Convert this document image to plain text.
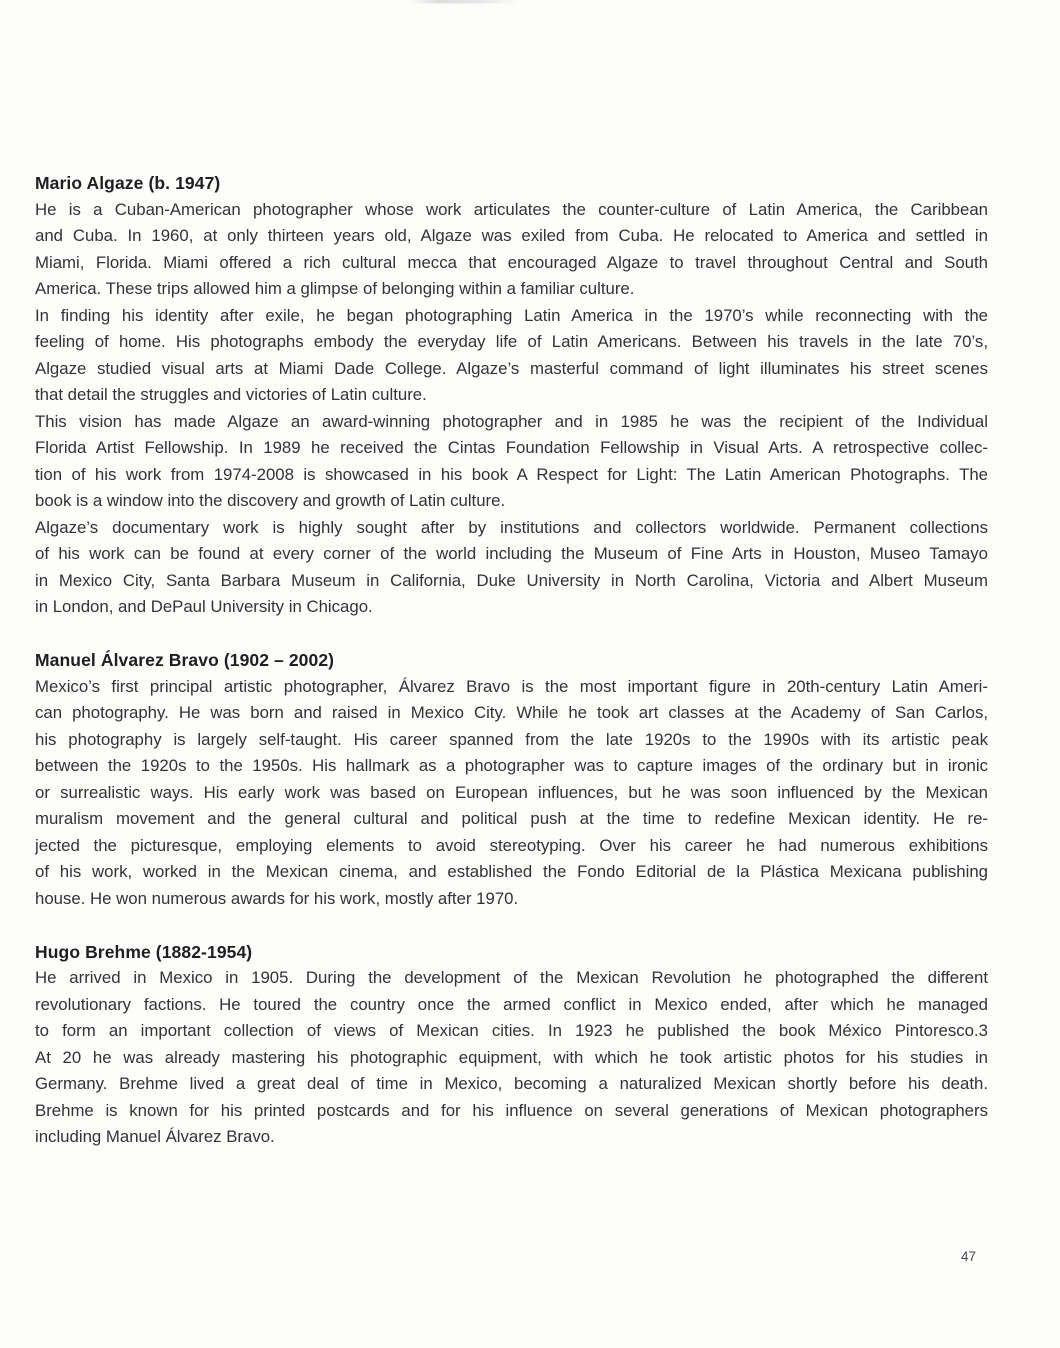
Mario Algaze (b. 1947)
He is a Cuban-American photographer whose work articulates the counter-culture of Latin America, the Caribbean
and Cuba. In 1960, at only thirteen years old, Algaze was exiled from Cuba. He relocated to America and settled in
Miami, Florida. Miami offered a rich cultural mecca that encouraged Algaze to travel throughout Central and South
America. These trips allowed him a glimpse of belonging within a familiar culture.
In finding his identity after exile, he began photographing Latin America in the 1970’s while reconnecting with the
feeling of home. His photographs embody the everyday life of Latin Americans. Between his travels in the late 70’s,
Algaze studied visual arts at Miami Dade College. Algaze’s masterful command of light illuminates his street scenes
that detail the struggles and victories of Latin culture.
This vision has made Algaze an award-winning photographer and in 1985 he was the recipient of the Individual
Florida Artist Fellowship. In 1989 he received the Cintas Foundation Fellowship in Visual Arts. A retrospective collec-
tion of his work from 1974-2008 is showcased in his book A Respect for Light: The Latin American Photographs. The
book is a window into the discovery and growth of Latin culture.
Algaze’s documentary work is highly sought after by institutions and collectors worldwide. Permanent collections
of his work can be found at every corner of the world including the Museum of Fine Arts in Houston, Museo Tamayo
in Mexico City, Santa Barbara Museum in California, Duke University in North Carolina, Victoria and Albert Museum
in London, and DePaul University in Chicago.
Manuel Álvarez Bravo (1902 – 2002)
Mexico’s first principal artistic photographer, Álvarez Bravo is the most important figure in 20th-century Latin Ameri-
can photography. He was born and raised in Mexico City. While he took art classes at the Academy of San Carlos,
his photography is largely self-taught. His career spanned from the late 1920s to the 1990s with its artistic peak
between the 1920s to the 1950s. His hallmark as a photographer was to capture images of the ordinary but in ironic
or surrealistic ways. His early work was based on European influences, but he was soon influenced by the Mexican
muralism movement and the general cultural and political push at the time to redefine Mexican identity. He re-
jected the picturesque, employing elements to avoid stereotyping. Over his career he had numerous exhibitions
of his work, worked in the Mexican cinema, and established the Fondo Editorial de la Plástica Mexicana publishing
house. He won numerous awards for his work, mostly after 1970.
Hugo Brehme (1882-1954)
He arrived in Mexico in 1905. During the development of the Mexican Revolution he photographed the different
revolutionary factions. He toured the country once the armed conflict in Mexico ended, after which he managed
to form an important collection of views of Mexican cities. In 1923 he published the book México Pintoresco.3
At 20 he was already mastering his photographic equipment, with which he took artistic photos for his studies in
Germany. Brehme lived a great deal of time in Mexico, becoming a naturalized Mexican shortly before his death.
Brehme is known for his printed postcards and for his influence on several generations of Mexican photographers
including Manuel Álvarez Bravo.
47
